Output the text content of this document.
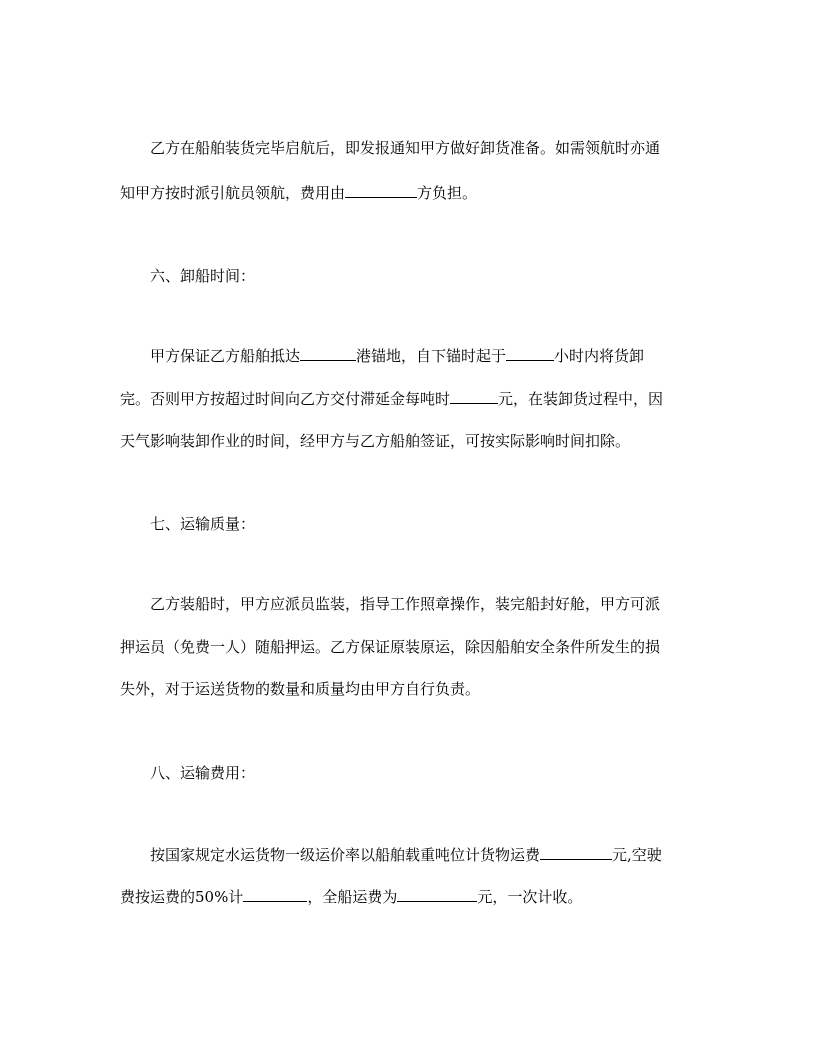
乙方在船舶装货完毕启航后，即发报通知甲方做好卸货准备。如需领航时亦通
知甲方按时派引航员领航，费用由	方负担。
六、卸船时间：
甲方保证乙方船舶抵达	港锚地，自下锚时起于	小时内将货卸
完。否则甲方按超过时间向乙方交付滞延金每吨时	元，在装卸货过程中，因
天气影响装卸作业的时间，经甲方与乙方船舶签证，可按实际影响时间扣除。
七、运输质量：
乙方装船时，甲方应派员监装，指导工作照章操作，装完船封好舱，甲方可派
押运员（免费一人）随船押运。乙方保证原装原运，除因船舶安全条件所发生的损
失外，对于运送货物的数量和质量均由甲方自行负责。
八、运输费用：
按国家规定水运货物一级运价率以船舶载重吨位计货物运费	元,空驶
费按运费的50%计	，全船运费为	元，一次计收。
